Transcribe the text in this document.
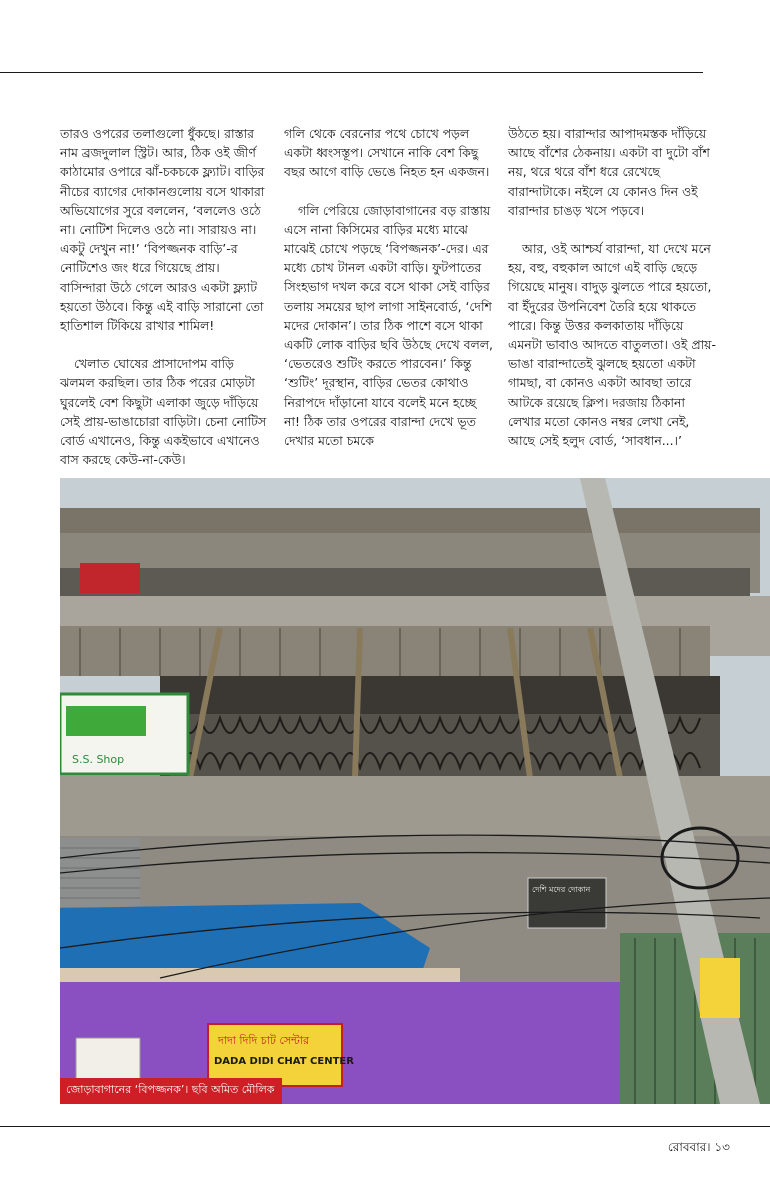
তারও ওপরের তলাগুলো ধুঁকছে। রাস্তার নাম ব্রজদুলাল স্ট্রিট। আর, ঠিক ওই জীর্ণ কাঠামোর ওপারে ঝাঁ-চকচকে ফ্ল্যাট। বাড়ির নীচের ব্যাগের দোকানগুলোয় বসে থাকারা অভিযোগের সুরে বললেন, ‘বললেও ওঠে না। নোটিশ দিলেও ওঠে না। সারায়ও না। একটু দেখুন না!’ ‘বিপজ্জনক বাড়ি’-র নোটিশেও জং ধরে গিয়েছে প্রায়। বাসিন্দারা উঠে গেলে আরও একটা ফ্ল্যাট হয়তো উঠবে। কিন্তু এই বাড়ি সারানো তো হাতিশাল টিকিয়ে রাখার শামিল!

খেলাত ঘোষের প্রাসাদোপম বাড়ি ঝলমল করছিল। তার ঠিক পরের মোড়টা ঘুরলেই বেশ কিছুটা এলাকা জুড়ে দাঁড়িয়ে সেই প্রায়-ভাঙাচোরা বাড়িটা। চেনা নোটিস বোর্ড এখানেও, কিন্তু একইভাবে এখানেও বাস করছে কেউ-না-কেউ।

গলি থেকে বেরনোর পথে চোখে পড়ল একটা ধ্বংসস্তূপ। সেখানে নাকি বেশ কিছু বছর আগে বাড়ি ভেঙে নিহত হন একজন।

গলি পেরিয়ে জোড়াবাগানের বড় রাস্তায় এসে নানা কিসিমের বাড়ির মধ্যে মাঝে মাঝেই চোখে পড়ছে ‘বিপজ্জনক’-দের। এর মধ্যে চোখ টানল একটা বাড়ি। ফুটপাতের সিংহভাগ দখল করে বসে থাকা সেই বাড়ির তলায় সময়ের ছাপ লাগা সাইনবোর্ড, ‘দেশি মদের দোকান’। তার ঠিক পাশে বসে থাকা একটি লোক বাড়ির ছবি উঠছে দেখে বলল, ‘ভেতরেও শুটিং করতে পারবেন।’ কিন্তু ‘শুটিং’ দূরস্থান, বাড়ির ভেতর কোথাও নিরাপদে দাঁড়ানো যাবে বলেই মনে হচ্ছে না! ঠিক তার ওপরের বারান্দা দেখে ভূত দেখার মতো চমকে

উঠতে হয়। বারান্দার আপাদমস্তক দাঁড়িয়ে আছে বাঁশের ঠেকনায়। একটা বা দুটো বাঁশ নয়, থরে থরে বাঁশ ধরে রেখেছে বারান্দাটাকে। নইলে যে কোনও দিন ওই বারান্দার চাঙড় খসে পড়বে।

আর, ওই আশ্চর্য বারান্দা, যা দেখে মনে হয়, বহু, বহুকাল আগে এই বাড়ি ছেড়ে গিয়েছে মানুষ। বাদুড় ঝুলতে পারে হয়তো, বা ইঁদুরের উপনিবেশ তৈরি হয়ে থাকতে পারে। কিন্তু উত্তর কলকাতায় দাঁড়িয়ে এমনটা ভাবাও আদতে বাতুলতা। ওই প্রায়-ভাঙা বারান্দাতেই ঝুলছে হয়তো একটা গামছা, বা কোনও একটা আবছা তারে আটকে রয়েছে ক্লিপ। দরজায় ঠিকানা লেখার মতো কোনও নম্বর লেখা নেই, আছে সেই হলুদ বোর্ড, ‘সাবধান...।’

S.S. Shop
দেশি মদের দোকান
দাদা দিদি চাট সেন্টার
DADA DIDI CHAT CENTER
জোড়াবাগানের ‘বিপজ্জনক’। ছবি অমিত মৌলিক
রোববার। ১৩
